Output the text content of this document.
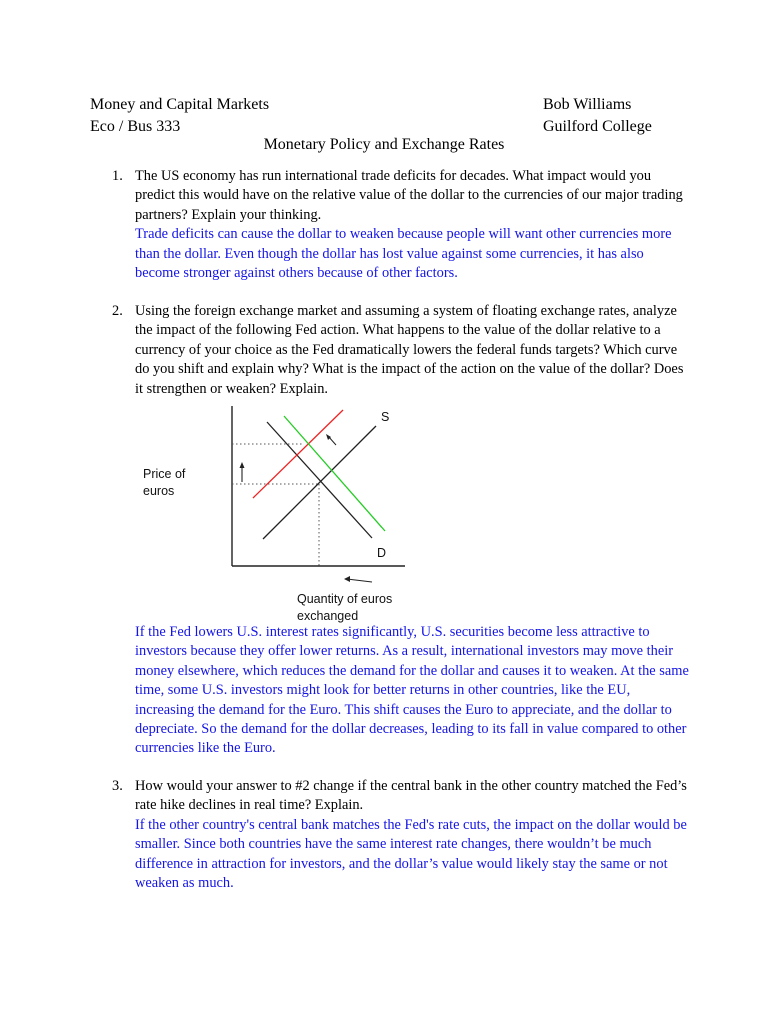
Money and Capital Markets
Eco / Bus 333
Bob Williams
Guilford College
Monetary Policy and Exchange Rates
1. The US economy has run international trade deficits for decades. What impact would you predict this would have on the relative value of the dollar to the currencies of our major trading partners? Explain your thinking.

Trade deficits can cause the dollar to weaken because people will want other currencies more than the dollar. Even though the dollar has lost value against some currencies, it has also become stronger against others because of other factors.

2. Using the foreign exchange market and assuming a system of floating exchange rates, analyze the impact of the following Fed action. What happens to the value of the dollar relative to a currency of your choice as the Fed dramatically lowers the federal funds targets? Which curve do you shift and explain why? What is the impact of the action on the value of the dollar? Does it strengthen or weaken? Explain.

Price of
euros
Quantity of euros
exchanged
S
D

If the Fed lowers U.S. interest rates significantly, U.S. securities become less attractive to investors because they offer lower returns. As a result, international investors may move their money elsewhere, which reduces the demand for the dollar and causes it to weaken. At the same time, some U.S. investors might look for better returns in other countries, like the EU, increasing the demand for the Euro. This shift causes the Euro to appreciate, and the dollar to depreciate. So the demand for the dollar decreases, leading to its fall in value compared to other currencies like the Euro.

3. How would your answer to #2 change if the central bank in the other country matched the Fed’s rate hike declines in real time? Explain.

If the other country's central bank matches the Fed's rate cuts, the impact on the dollar would be smaller. Since both countries have the same interest rate changes, there wouldn’t be much difference in attraction for investors, and the dollar’s value would likely stay the same or not weaken as much.
